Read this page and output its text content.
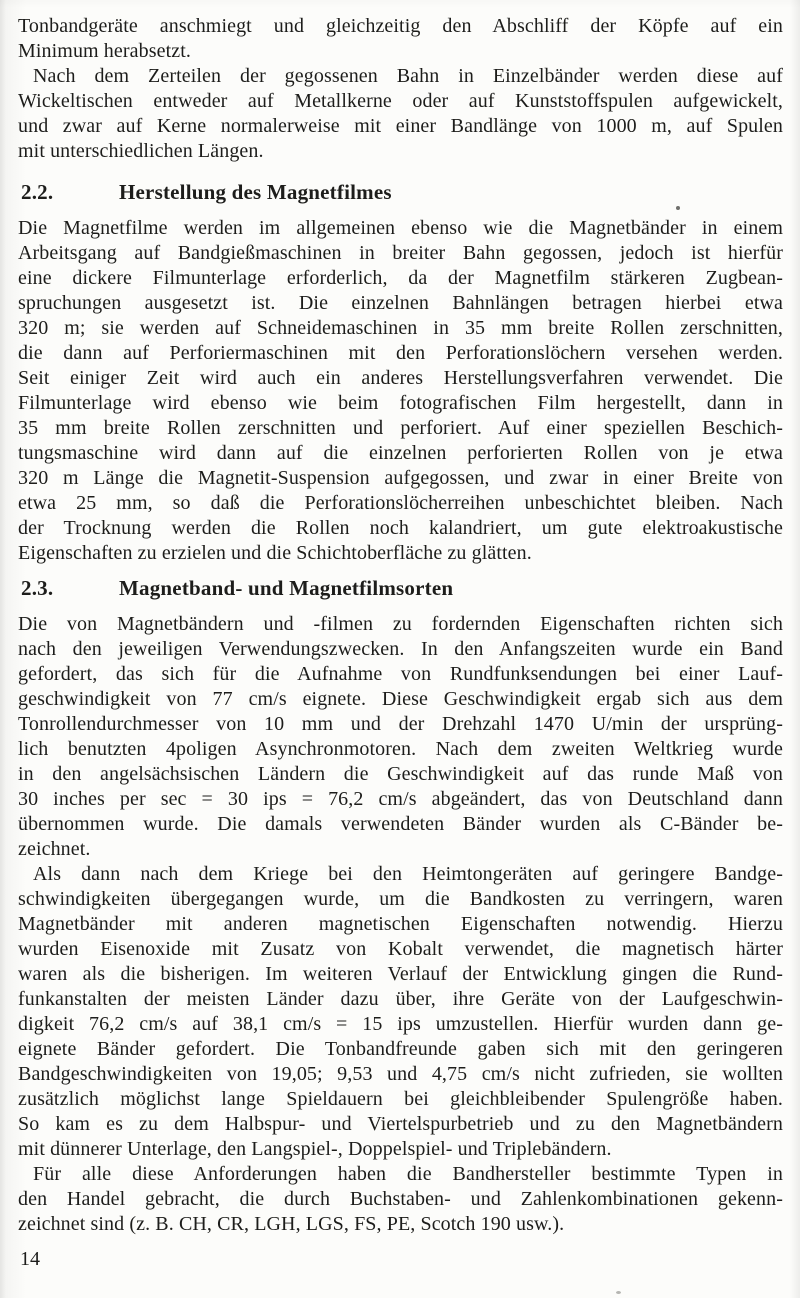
Tonbandgeräte anschmiegt und gleichzeitig den Abschliff der Köpfe auf ein
Minimum herabsetzt.
Nach dem Zerteilen der gegossenen Bahn in Einzelbänder werden diese auf
Wickeltischen entweder auf Metallkerne oder auf Kunststoffspulen aufgewickelt,
und zwar auf Kerne normalerweise mit einer Bandlänge von 1000 m, auf Spulen
mit unterschiedlichen Längen.
2.2.	Herstellung des Magnetfilmes
Die Magnetfilme werden im allgemeinen ebenso wie die Magnetbänder in einem
Arbeitsgang auf Bandgießmaschinen in breiter Bahn gegossen, jedoch ist hierfür
eine dickere Filmunterlage erforderlich, da der Magnetfilm stärkeren Zugbean-
spruchungen ausgesetzt ist. Die einzelnen Bahnlängen betragen hierbei etwa
320 m; sie werden auf Schneidemaschinen in 35 mm breite Rollen zerschnitten,
die dann auf Perforiermaschinen mit den Perforationslöchern versehen werden.
Seit einiger Zeit wird auch ein anderes Herstellungsverfahren verwendet. Die
Filmunterlage wird ebenso wie beim fotografischen Film hergestellt, dann in
35 mm breite Rollen zerschnitten und perforiert. Auf einer speziellen Beschich-
tungsmaschine wird dann auf die einzelnen perforierten Rollen von je etwa
320 m Länge die Magnetit-Suspension aufgegossen, und zwar in einer Breite von
etwa 25 mm, so daß die Perforationslöcherreihen unbeschichtet bleiben. Nach
der Trocknung werden die Rollen noch kalandriert, um gute elektroakustische
Eigenschaften zu erzielen und die Schichtoberfläche zu glätten.
2.3.	Magnetband- und Magnetfilmsorten
Die von Magnetbändern und -filmen zu fordernden Eigenschaften richten sich
nach den jeweiligen Verwendungszwecken. In den Anfangszeiten wurde ein Band
gefordert, das sich für die Aufnahme von Rundfunksendungen bei einer Lauf-
geschwindigkeit von 77 cm/s eignete. Diese Geschwindigkeit ergab sich aus dem
Tonrollendurchmesser von 10 mm und der Drehzahl 1470 U/min der ursprüng-
lich benutzten 4poligen Asynchronmotoren. Nach dem zweiten Weltkrieg wurde
in den angelsächsischen Ländern die Geschwindigkeit auf das runde Maß von
30 inches per sec = 30 ips = 76,2 cm/s abgeändert, das von Deutschland dann
übernommen wurde. Die damals verwendeten Bänder wurden als C-Bänder be-
zeichnet.
Als dann nach dem Kriege bei den Heimtongeräten auf geringere Bandge-
schwindigkeiten übergegangen wurde, um die Bandkosten zu verringern, waren
Magnetbänder mit anderen magnetischen Eigenschaften notwendig. Hierzu
wurden Eisenoxide mit Zusatz von Kobalt verwendet, die magnetisch härter
waren als die bisherigen. Im weiteren Verlauf der Entwicklung gingen die Rund-
funkanstalten der meisten Länder dazu über, ihre Geräte von der Laufgeschwin-
digkeit 76,2 cm/s auf 38,1 cm/s = 15 ips umzustellen. Hierfür wurden dann ge-
eignete Bänder gefordert. Die Tonbandfreunde gaben sich mit den geringeren
Bandgeschwindigkeiten von 19,05; 9,53 und 4,75 cm/s nicht zufrieden, sie wollten
zusätzlich möglichst lange Spieldauern bei gleichbleibender Spulengröße haben.
So kam es zu dem Halbspur- und Viertelspurbetrieb und zu den Magnetbändern
mit dünnerer Unterlage, den Langspiel-, Doppelspiel- und Triplebändern.
Für alle diese Anforderungen haben die Bandhersteller bestimmte Typen in
den Handel gebracht, die durch Buchstaben- und Zahlenkombinationen gekenn-
zeichnet sind (z. B. CH, CR, LGH, LGS, FS, PE, Scotch 190 usw.).
14
